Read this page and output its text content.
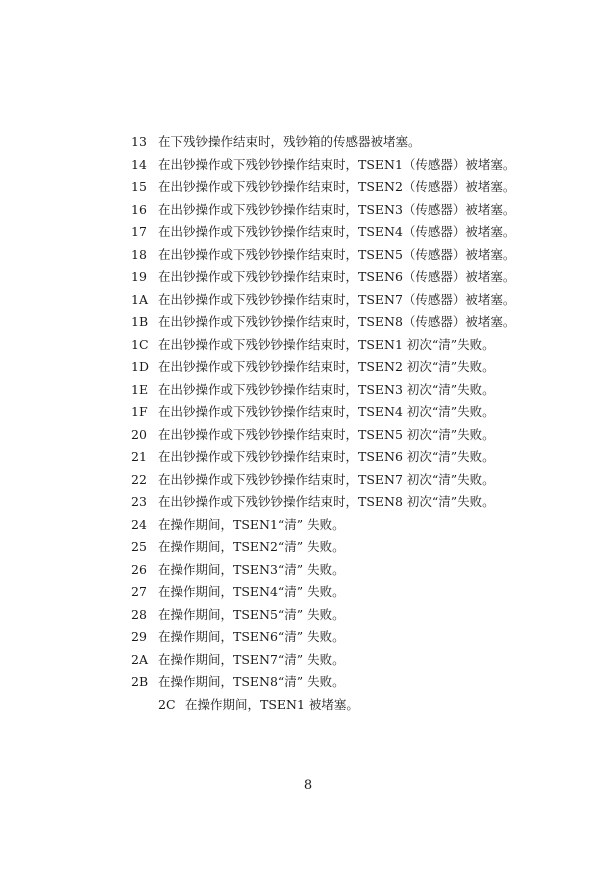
13 在下残钞操作结束时，残钞箱的传感器被堵塞。
14 在出钞操作或下残钞钞操作结束时，TSEN1（传感器）被堵塞。
15 在出钞操作或下残钞钞操作结束时，TSEN2（传感器）被堵塞。
16 在出钞操作或下残钞钞操作结束时，TSEN3（传感器）被堵塞。
17 在出钞操作或下残钞钞操作结束时，TSEN4（传感器）被堵塞。
18 在出钞操作或下残钞钞操作结束时，TSEN5（传感器）被堵塞。
19 在出钞操作或下残钞钞操作结束时，TSEN6（传感器）被堵塞。
1A 在出钞操作或下残钞钞操作结束时，TSEN7（传感器）被堵塞。
1B 在出钞操作或下残钞钞操作结束时，TSEN8（传感器）被堵塞。
1C 在出钞操作或下残钞钞操作结束时，TSEN1 初次“清”失败。
1D 在出钞操作或下残钞钞操作结束时，TSEN2 初次“清”失败。
1E 在出钞操作或下残钞钞操作结束时，TSEN3 初次“清”失败。
1F 在出钞操作或下残钞钞操作结束时，TSEN4 初次“清”失败。
20 在出钞操作或下残钞钞操作结束时，TSEN5 初次“清”失败。
21 在出钞操作或下残钞钞操作结束时，TSEN6 初次“清”失败。
22 在出钞操作或下残钞钞操作结束时，TSEN7 初次“清”失败。
23 在出钞操作或下残钞钞操作结束时，TSEN8 初次“清”失败。
24 在操作期间，TSEN1“清” 失败。
25 在操作期间，TSEN2“清” 失败。
26 在操作期间，TSEN3“清” 失败。
27 在操作期间，TSEN4“清” 失败。
28 在操作期间，TSEN5“清” 失败。
29 在操作期间，TSEN6“清” 失败。
2A 在操作期间，TSEN7“清” 失败。
2B 在操作期间，TSEN8“清” 失败。
2C 在操作期间，TSEN1 被堵塞。
8
